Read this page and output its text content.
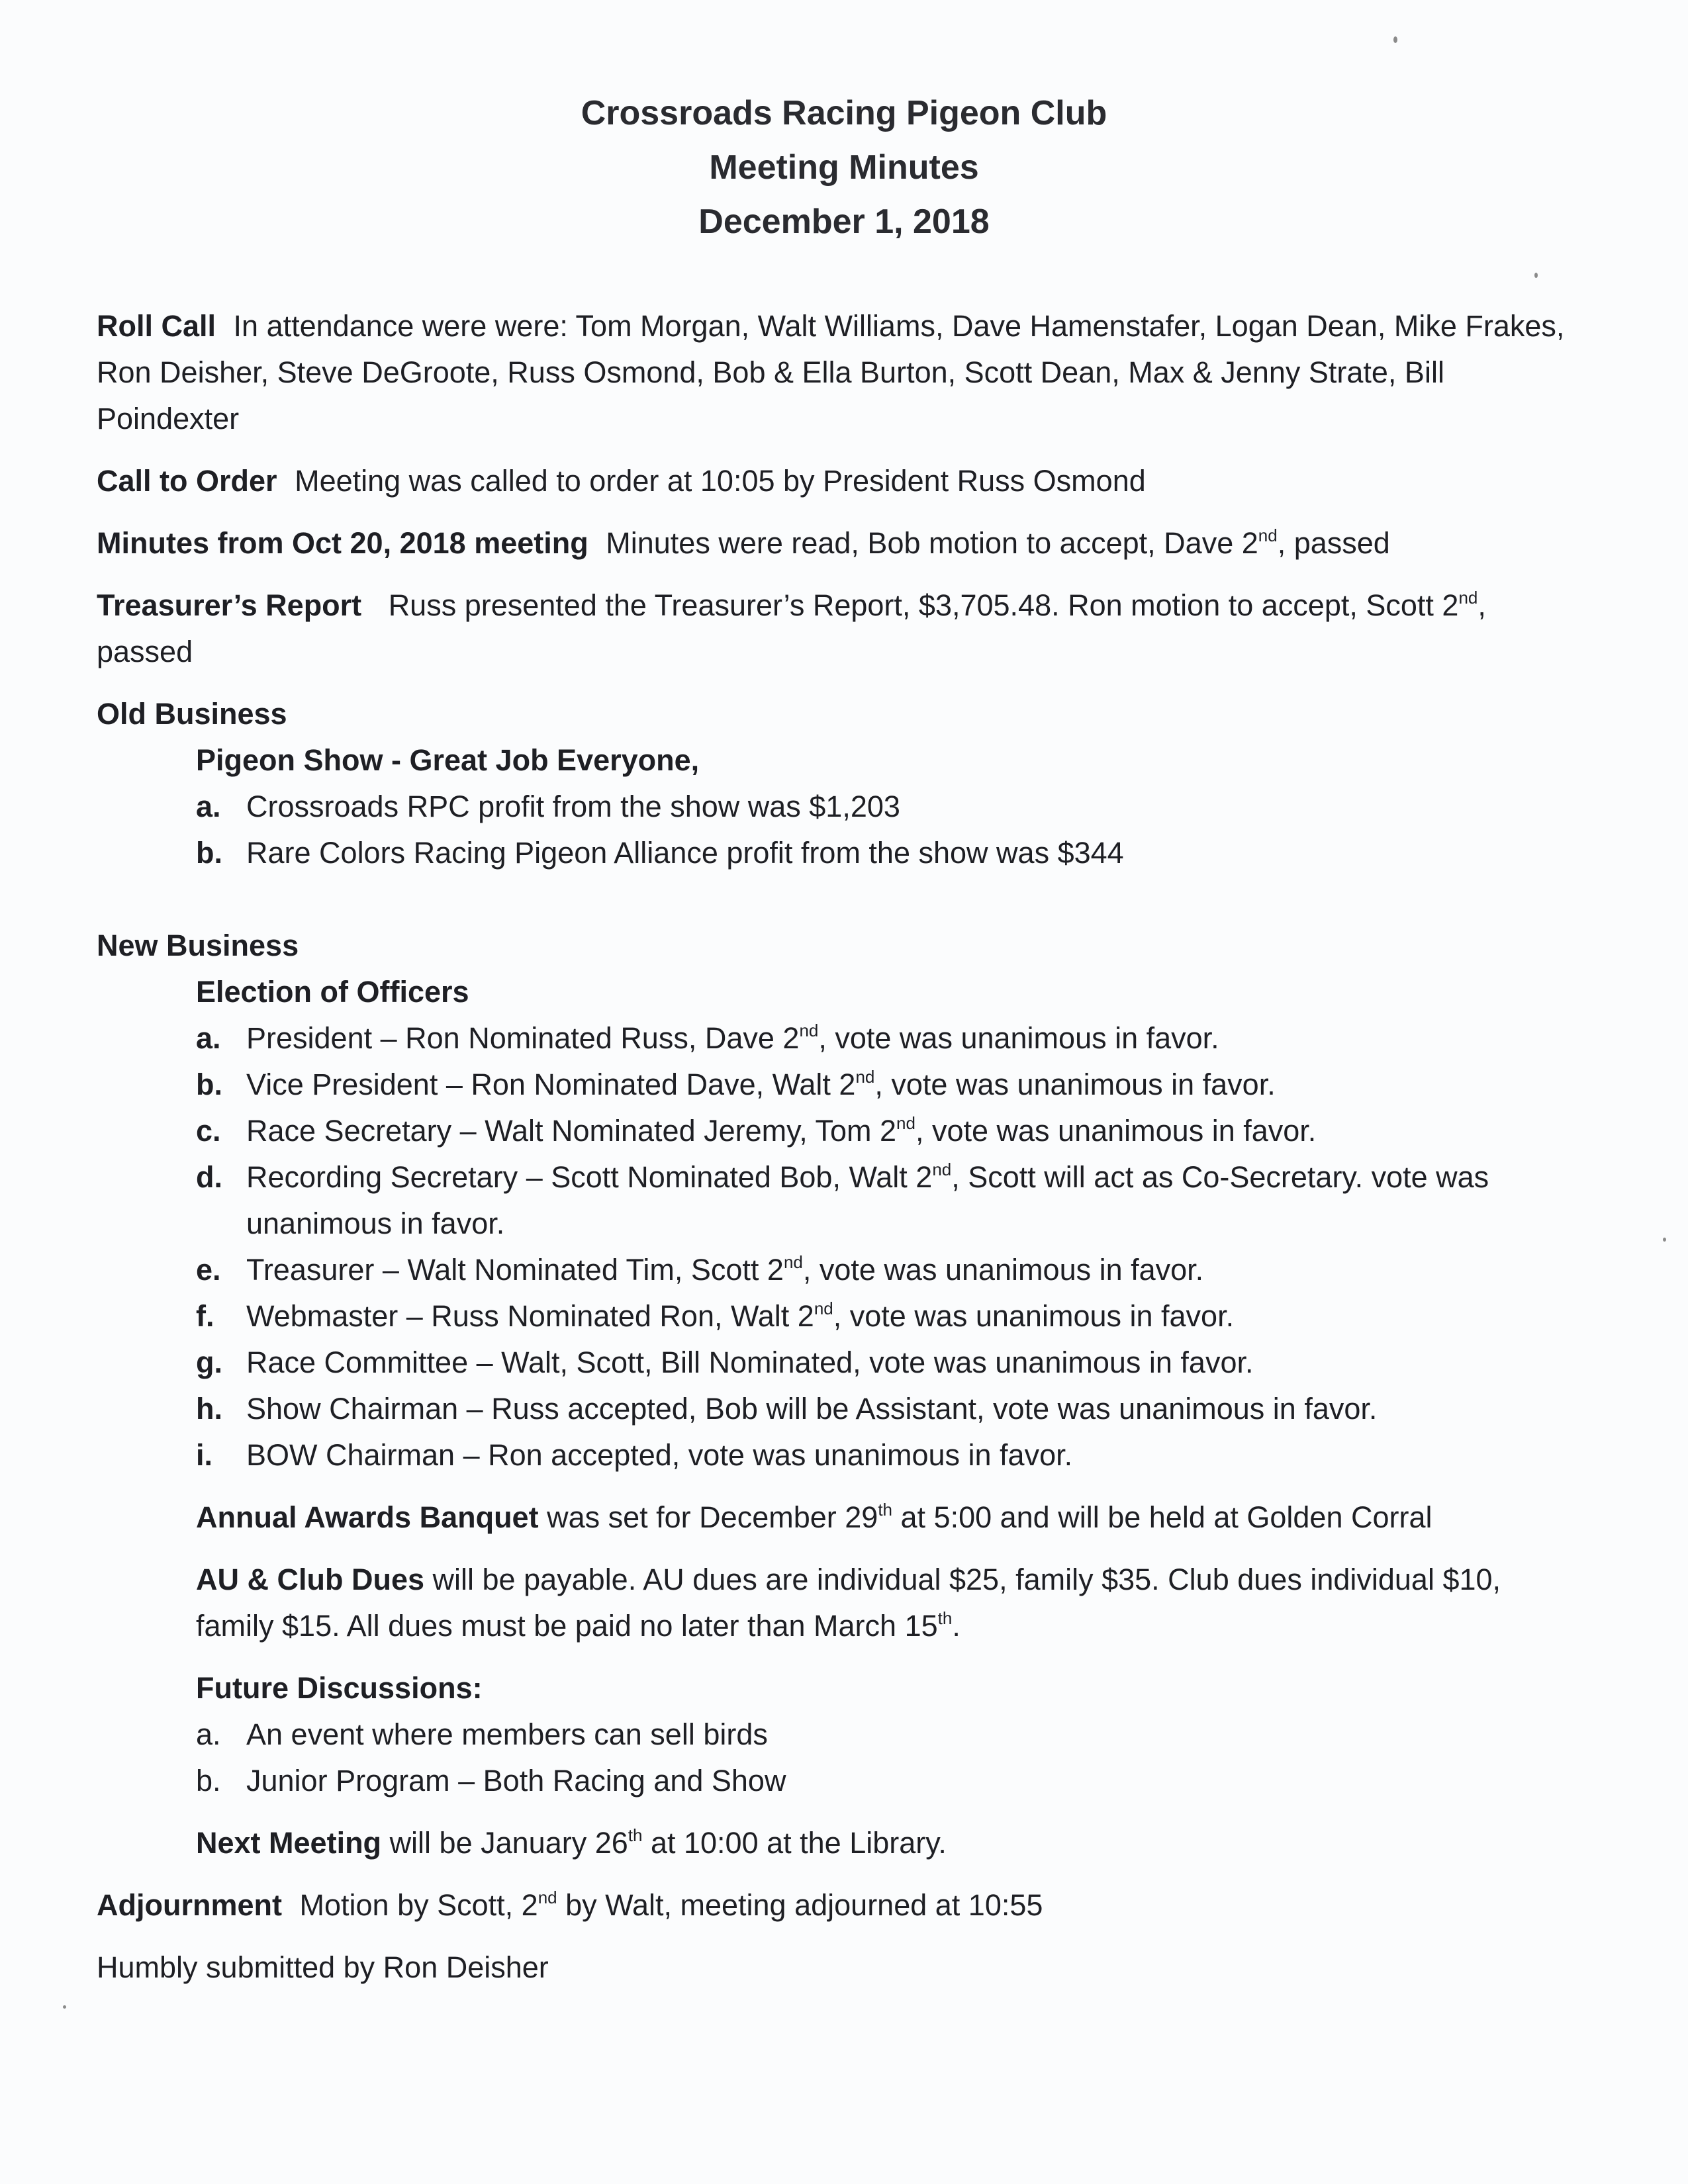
Crossroads Racing Pigeon Club
Meeting Minutes
December 1, 2018
Roll Call In attendance were were: Tom Morgan, Walt Williams, Dave Hamenstafer, Logan Dean, Mike Frakes,
Ron Deisher, Steve DeGroote, Russ Osmond, Bob & Ella Burton, Scott Dean, Max & Jenny Strate, Bill
Poindexter
Call to Order Meeting was called to order at 10:05 by President Russ Osmond
Minutes from Oct 20, 2018 meeting Minutes were read, Bob motion to accept, Dave 2nd, passed
Treasurer’s Report Russ presented the Treasurer’s Report, $3,705.48. Ron motion to accept, Scott 2nd,
passed
Old Business
Pigeon Show - Great Job Everyone,
a. Crossroads RPC profit from the show was $1,203
b. Rare Colors Racing Pigeon Alliance profit from the show was $344
New Business
Election of Officers
a. President – Ron Nominated Russ, Dave 2nd, vote was unanimous in favor.
b. Vice President – Ron Nominated Dave, Walt 2nd, vote was unanimous in favor.
c. Race Secretary – Walt Nominated Jeremy, Tom 2nd, vote was unanimous in favor.
d. Recording Secretary – Scott Nominated Bob, Walt 2nd, Scott will act as Co-Secretary. vote was
unanimous in favor.
e. Treasurer – Walt Nominated Tim, Scott 2nd, vote was unanimous in favor.
f. Webmaster – Russ Nominated Ron, Walt 2nd, vote was unanimous in favor.
g. Race Committee – Walt, Scott, Bill Nominated, vote was unanimous in favor.
h. Show Chairman – Russ accepted, Bob will be Assistant, vote was unanimous in favor.
i. BOW Chairman – Ron accepted, vote was unanimous in favor.
Annual Awards Banquet was set for December 29th at 5:00 and will be held at Golden Corral
AU & Club Dues will be payable. AU dues are individual $25, family $35. Club dues individual $10,
family $15. All dues must be paid no later than March 15th.
Future Discussions:
a. An event where members can sell birds
b. Junior Program – Both Racing and Show
Next Meeting will be January 26th at 10:00 at the Library.
Adjournment Motion by Scott, 2nd by Walt, meeting adjourned at 10:55
Humbly submitted by Ron Deisher
